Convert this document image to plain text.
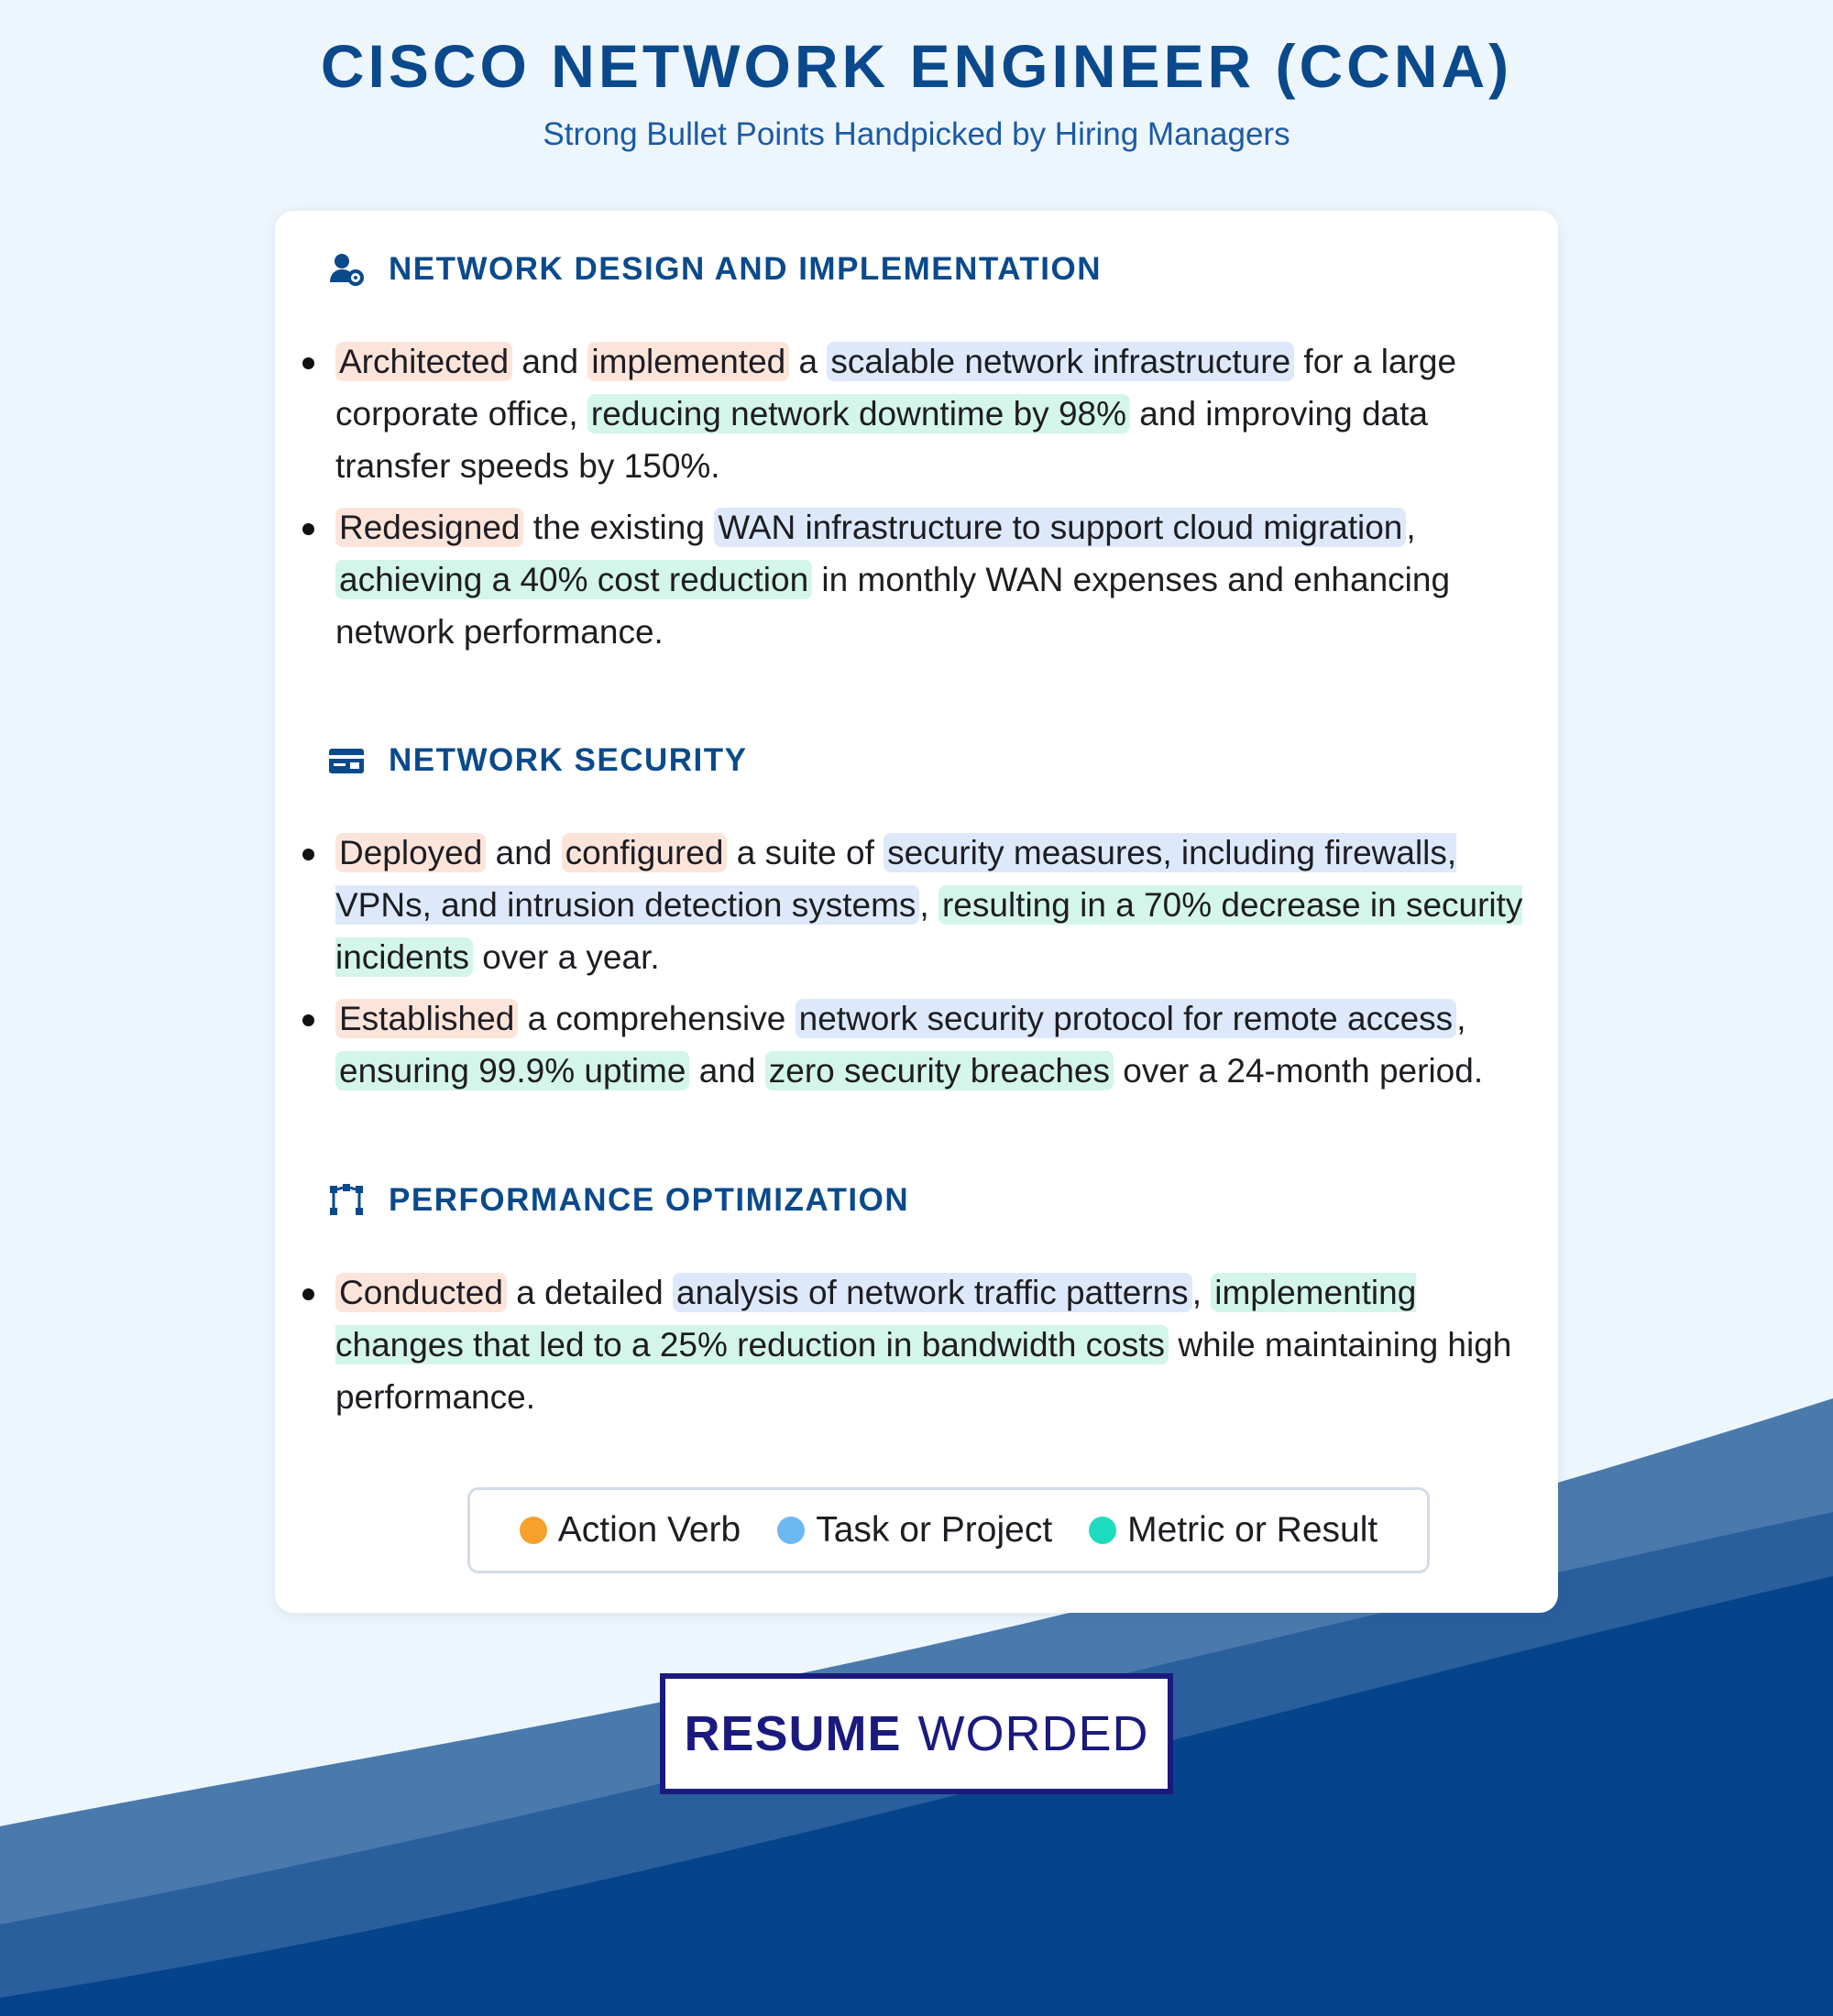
CISCO NETWORK ENGINEER (CCNA)
Strong Bullet Points Handpicked by Hiring Managers
NETWORK DESIGN AND IMPLEMENTATION
Architected and implemented a scalable network infrastructure for a large corporate office, reducing network downtime by 98% and improving data transfer speeds by 150%.
Redesigned the existing WAN infrastructure to support cloud migration , achieving a 40% cost reduction in monthly WAN expenses and enhancing network performance.
NETWORK SECURITY
Deployed and configured a suite of security measures, including firewalls, VPNs, and intrusion detection systems , resulting in a 70% decrease in security incidents over a year.
Established a comprehensive network security protocol for remote access , ensuring 99.9% uptime and zero security breaches over a 24-month period.
PERFORMANCE OPTIMIZATION
Conducted a detailed analysis of network traffic patterns , implementing changes that led to a 25% reduction in bandwidth costs while maintaining high performance.
Action Verb Task or Project Metric or Result
RESUME WORDED
